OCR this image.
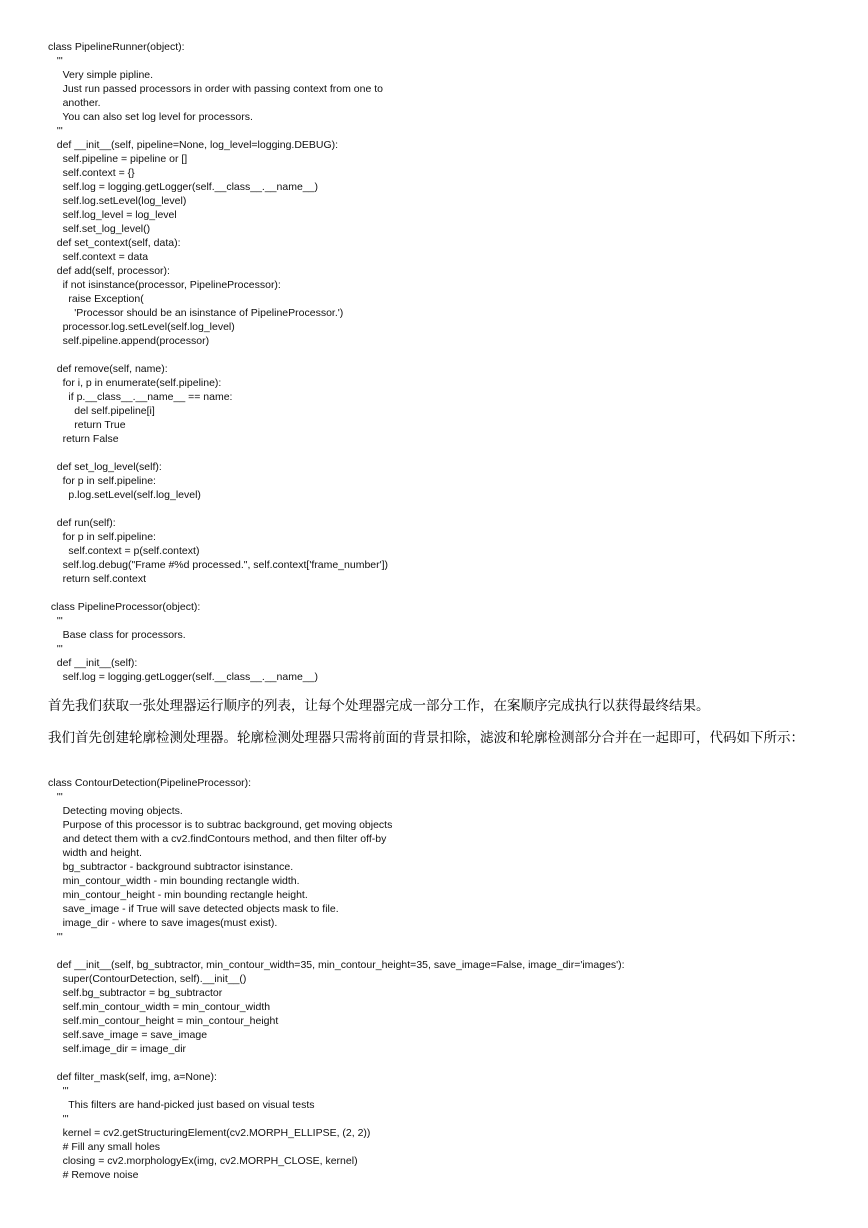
class PipelineRunner(object):
'''
Very simple pipline.
Just run passed processors in order with passing context from one to
another.
You can also set log level for processors.
'''
def __init__(self, pipeline=None, log_level=logging.DEBUG):
self.pipeline = pipeline or []
self.context = {}
self.log = logging.getLogger(self.__class__.__name__)
self.log.setLevel(log_level)
self.log_level = log_level
self.set_log_level()
def set_context(self, data):
self.context = data
def add(self, processor):
if not isinstance(processor, PipelineProcessor):
raise Exception(
'Processor should be an isinstance of PipelineProcessor.')
processor.log.setLevel(self.log_level)
self.pipeline.append(processor)
def remove(self, name):
for i, p in enumerate(self.pipeline):
if p.__class__.__name__ == name:
del self.pipeline[i]
return True
return False
def set_log_level(self):
for p in self.pipeline:
p.log.setLevel(self.log_level)
def run(self):
for p in self.pipeline:
self.context = p(self.context)
self.log.debug("Frame #%d processed.", self.context['frame_number'])
return self.context
class PipelineProcessor(object):
'''
Base class for processors.
'''
def __init__(self):
self.log = logging.getLogger(self.__class__.__name__)

首先我们获取一张处理器运行顺序的列表，让每个处理器完成一部分工作，在案顺序完成执行以获得最终结果。

我们首先创建轮廓检测处理器。轮廓检测处理器只需将前面的背景扣除，滤波和轮廓检测部分合并在一起即可，代码如下所示：

class ContourDetection(PipelineProcessor):
'''
Detecting moving objects.
Purpose of this processor is to subtrac background, get moving objects
and detect them with a cv2.findContours method, and then filter off-by
width and height.
bg_subtractor - background subtractor isinstance.
min_contour_width - min bounding rectangle width.
min_contour_height - min bounding rectangle height.
save_image - if True will save detected objects mask to file.
image_dir - where to save images(must exist).
'''
def __init__(self, bg_subtractor, min_contour_width=35, min_contour_height=35, save_image=False, image_dir='images'):
super(ContourDetection, self).__init__()
self.bg_subtractor = bg_subtractor
self.min_contour_width = min_contour_width
self.min_contour_height = min_contour_height
self.save_image = save_image
self.image_dir = image_dir
def filter_mask(self, img, a=None):
'''
This filters are hand-picked just based on visual tests
'''
kernel = cv2.getStructuringElement(cv2.MORPH_ELLIPSE, (2, 2))
# Fill any small holes
closing = cv2.morphologyEx(img, cv2.MORPH_CLOSE, kernel)
# Remove noise
